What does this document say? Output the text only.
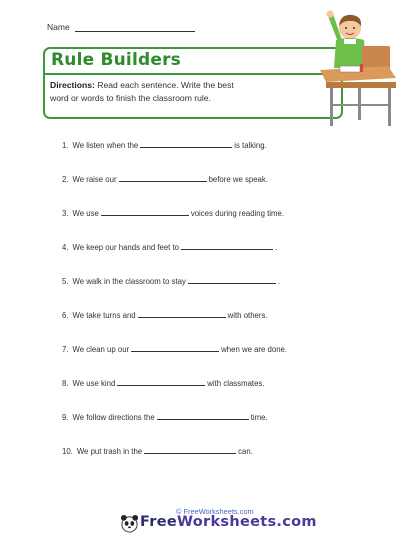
Name
Rule Builders
Directions: Read each sentence. Write the best word or words to finish the classroom rule.
1. We listen when the	is talking.
2. We raise our	before we speak.
3. We use	voices during reading time.
4. We keep our hands and feet to	.
5. We walk in the classroom to stay	.
6. We take turns and	with others.
7. We clean up our	when we are done.
8. We use kind	with classmates.
9. We follow directions the	time.
10. We put trash in the	can.
© FreeWorksheets.com
FreeWorksheets.com
